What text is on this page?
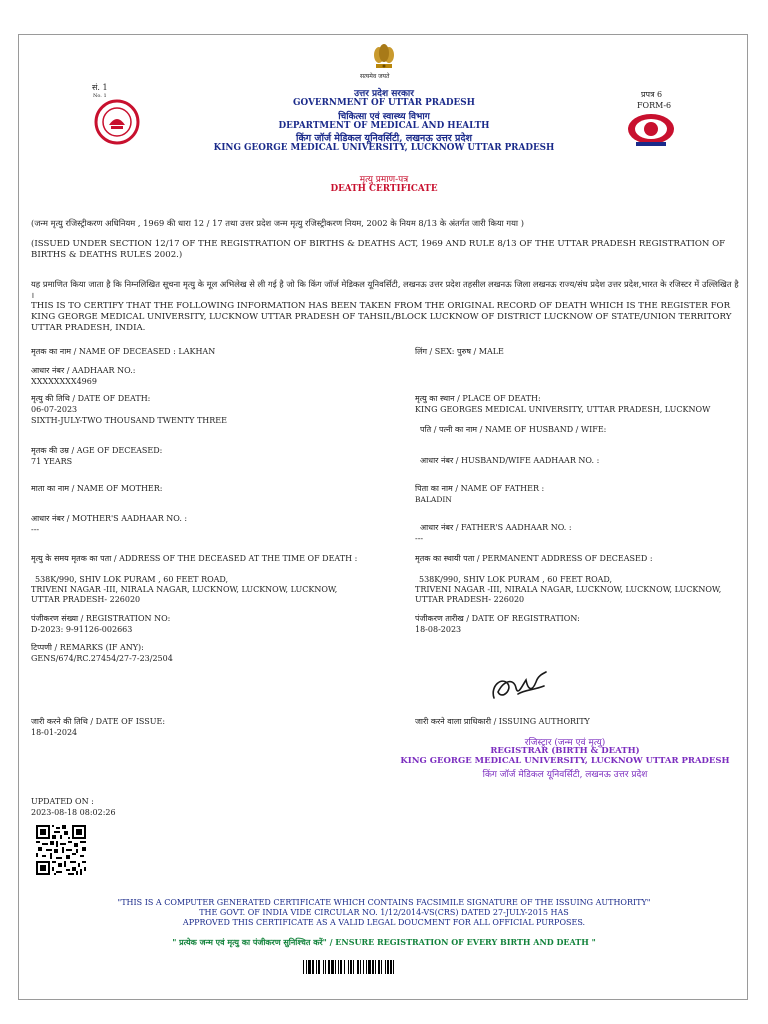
सत्यमेव जयते
सं. 1
No. 1	प्रपत्र 6
FORM-6
उत्तर प्रदेश सरकार
GOVERNMENT OF UTTAR PRADESH
चिकित्सा एवं स्वास्थ्य विभाग
DEPARTMENT OF MEDICAL AND HEALTH
किंग जॉर्ज मेडिकल यूनिवर्सिटी, लखनऊ उत्तर प्रदेश
KING GEORGE MEDICAL UNIVERSITY, LUCKNOW UTTAR PRADESH
मृत्यु प्रमाण-पत्र
DEATH CERTIFICATE
(जन्म मृत्यु रजिस्ट्रीकरण अधिनियम , 1969 की धारा 12 / 17 तथा उत्तर प्रदेश जन्म मृत्यु रजिस्ट्रीकरण नियम, 2002 के नियम 8/13 के अंतर्गत जारी किया गया )
(ISSUED UNDER SECTION 12/17 OF THE REGISTRATION OF BIRTHS & DEATHS ACT, 1969 AND RULE 8/13 OF THE UTTAR PRADESH REGISTRATION OF BIRTHS & DEATHS RULES 2002.)
यह प्रमाणित किया जाता है कि निम्नलिखित सूचना मृत्यु के मूल अभिलेख से ली गई है जो कि किंग जॉर्ज मेडिकल यूनिवर्सिटी, लखनऊ उत्तर प्रदेश तहसील लखनऊ जिला लखनऊ राज्य/संघ प्रदेश उत्तर प्रदेश,भारत के रजिस्टर में उल्लिखित है ।
THIS IS TO CERTIFY THAT THE FOLLOWING INFORMATION HAS BEEN TAKEN FROM THE ORIGINAL RECORD OF DEATH WHICH IS THE REGISTER FOR KING GEORGE MEDICAL UNIVERSITY, LUCKNOW UTTAR PRADESH OF TAHSIL/BLOCK LUCKNOW OF DISTRICT LUCKNOW OF STATE/UNION TERRITORY UTTAR PRADESH, INDIA.
मृतक का नाम / NAME OF DECEASED : LAKHAN
आधार नंबर / AADHAAR NO.:
XXXXXXXX4969
मृत्यु की तिथि / DATE OF DEATH:
06-07-2023
SIXTH-JULY-TWO THOUSAND TWENTY THREE
मृतक की उम्र / AGE OF DECEASED:
71 YEARS
माता का नाम / NAME OF MOTHER:
आधार नंबर / MOTHER'S AADHAAR NO. :
---
मृत्यु के समय मृतक का पता / ADDRESS OF THE DECEASED AT THE TIME OF DEATH :
538K/990, SHIV LOK PURAM , 60 FEET ROAD,
TRIVENI NAGAR -III, NIRALA NAGAR, LUCKNOW, LUCKNOW, LUCKNOW,
UTTAR PRADESH- 226020
पंजीकरण संख्या / REGISTRATION NO:
D-2023: 9-91126-002663
टिप्पणी / REMARKS (IF ANY):
GENS/674/RC.27454/27-7-23/2504
जारी करने की तिथि / DATE OF ISSUE:
18-01-2024
लिंग / SEX: पुरुष / MALE
मृत्यु का स्थान / PLACE OF DEATH:
KING GEORGES MEDICAL UNIVERSITY, UTTAR PRADESH, LUCKNOW
पति / पत्नी का नाम / NAME OF HUSBAND / WIFE:
आधार नंबर / HUSBAND/WIFE AADHAAR NO. :
पिता का नाम / NAME OF FATHER :
BALADIN
आधार नंबर / FATHER'S AADHAAR NO. :
---
मृतक का स्थायी पता / PERMANENT ADDRESS OF DECEASED :
538K/990, SHIV LOK PURAM , 60 FEET ROAD,
TRIVENI NAGAR -III, NIRALA NAGAR, LUCKNOW, LUCKNOW, LUCKNOW,
UTTAR PRADESH- 226020
पंजीकरण तारीख / DATE OF REGISTRATION:
18-08-2023
जारी करने वाला प्राधिकारी / ISSUING AUTHORITY
रजिस्ट्रार (जन्म एवं मृत्यु)
REGISTRAR (BIRTH & DEATH)
KING GEORGE MEDICAL UNIVERSITY, LUCKNOW UTTAR PRADESH
किंग जॉर्ज मेडिकल यूनिवर्सिटी, लखनऊ उत्तर प्रदेश
UPDATED ON :
2023-08-18 08:02:26
"THIS IS A COMPUTER GENERATED CERTIFICATE WHICH CONTAINS FACSIMILE SIGNATURE OF THE ISSUING AUTHORITY"
THE GOVT. OF INDIA VIDE CIRCULAR NO. 1/12/2014-VS(CRS) DATED 27-JULY-2015 HAS
APPROVED THIS CERTIFICATE AS A VALID LEGAL DOUCMENT FOR ALL OFFICIAL PURPOSES.
" प्रत्येक जन्म एवं मृत्यु का पंजीकरण सुनिश्चित करें" / ENSURE REGISTRATION OF EVERY BIRTH AND DEATH "
